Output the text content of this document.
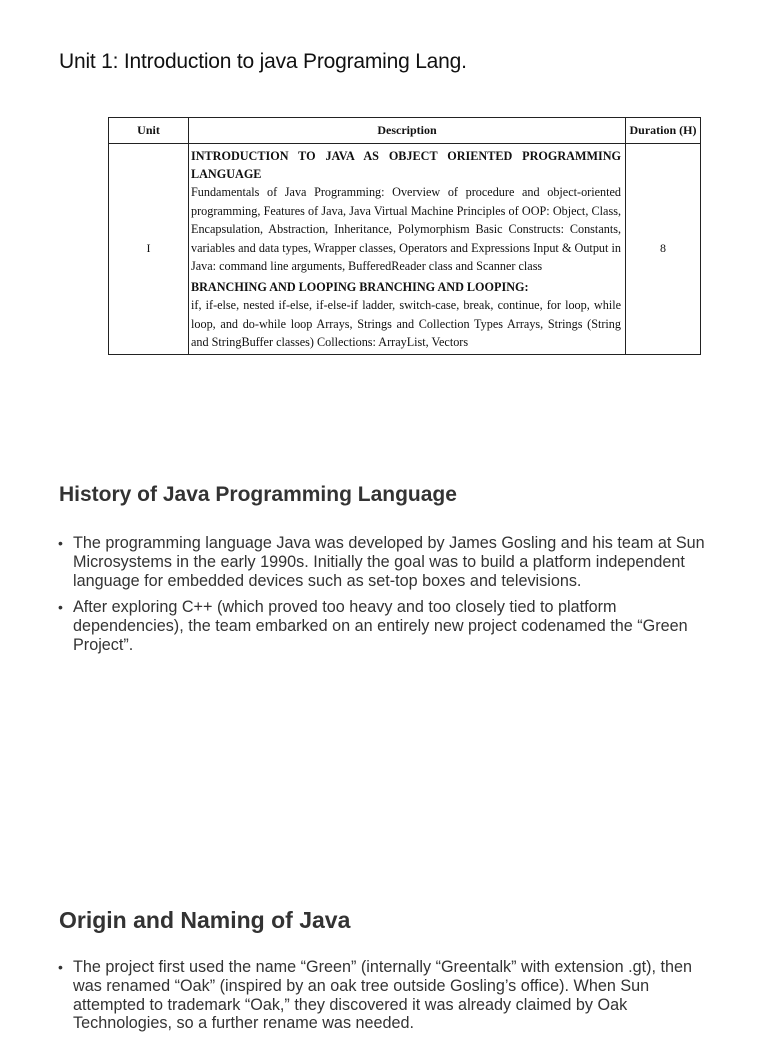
Unit 1: Introduction to java Programing Lang.
Unit	Description	Duration (H)
I	INTRODUCTION TO JAVA AS OBJECT ORIENTED PROGRAMMING LANGUAGE

Fundamentals of Java Programming: Overview of procedure and object-oriented programming, Features of Java, Java Virtual Machine Principles of OOP: Object, Class, Encapsulation, Abstraction, Inheritance, Polymorphism Basic Constructs: Constants, variables and data types, Wrapper classes, Operators and Expressions Input & Output in Java: command line arguments, BufferedReader class and Scanner class

BRANCHING AND LOOPING BRANCHING AND LOOPING:

if, if-else, nested if-else, if-else-if ladder, switch-case, break, continue, for loop, while loop, and do-while loop Arrays, Strings and Collection Types Arrays, Strings (String and StringBuffer classes) Collections: ArrayList, Vectors	8
History of Java Programming Language
• The programming language Java was developed by James Gosling and his team at Sun Microsystems in the early 1990s. Initially the goal was to build a platform independent language for embedded devices such as set-top boxes and televisions.
• After exploring C++ (which proved too heavy and too closely tied to platform dependencies), the team embarked on an entirely new project codenamed the “Green Project”.
Origin and Naming of Java
• The project first used the name “Green” (internally “Greentalk” with extension .gt), then was renamed “Oak” (inspired by an oak tree outside Gosling’s office). When Sun attempted to trademark “Oak,” they discovered it was already claimed by Oak Technologies, so a further rename was needed.
